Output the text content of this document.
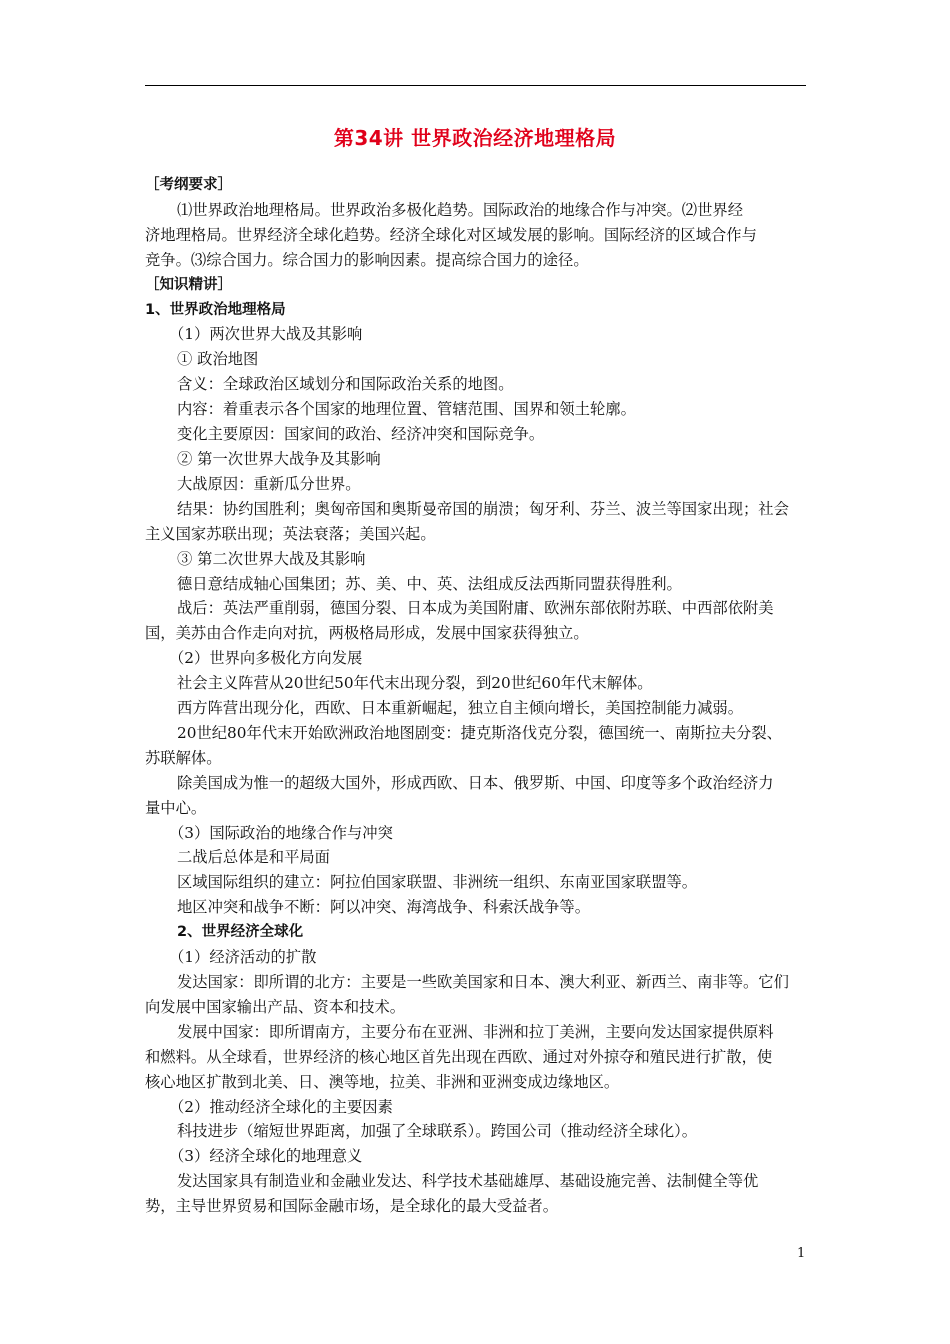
第34讲 世界政治经济地理格局

［考纲要求］

⑴世界政治地理格局。世界政治多极化趋势。国际政治的地缘合作与冲突。⑵世界经

济地理格局。世界经济全球化趋势。经济全球化对区域发展的影响。国际经济的区域合作与

竞争。⑶综合国力。综合国力的影响因素。提高综合国力的途径。

［知识精讲］

1、世界政治地理格局

（1）两次世界大战及其影响

① 政治地图

含义：全球政治区域划分和国际政治关系的地图。

内容：着重表示各个国家的地理位置、管辖范围、国界和领土轮廓。

变化主要原因：国家间的政治、经济冲突和国际竞争。

② 第一次世界大战争及其影响

大战原因：重新瓜分世界。

结果：协约国胜利；奥匈帝国和奥斯曼帝国的崩溃；匈牙利、芬兰、波兰等国家出现；社会

主义国家苏联出现；英法衰落；美国兴起。

③ 第二次世界大战及其影响

德日意结成轴心国集团；苏、美、中、英、法组成反法西斯同盟获得胜利。

战后：英法严重削弱，德国分裂、日本成为美国附庸、欧洲东部依附苏联、中西部依附美

国，美苏由合作走向对抗，两极格局形成，发展中国家获得独立。

（2）世界向多极化方向发展

社会主义阵营从20世纪50年代末出现分裂，到20世纪60年代末解体。

西方阵营出现分化，西欧、日本重新崛起，独立自主倾向增长，美国控制能力减弱。

20世纪80年代末开始欧洲政治地图剧变：捷克斯洛伐克分裂，德国统一、南斯拉夫分裂、

苏联解体。

除美国成为惟一的超级大国外，形成西欧、日本、俄罗斯、中国、印度等多个政治经济力

量中心。

（3）国际政治的地缘合作与冲突

二战后总体是和平局面

区域国际组织的建立：阿拉伯国家联盟、非洲统一组织、东南亚国家联盟等。

地区冲突和战争不断：阿以冲突、海湾战争、科索沃战争等。

2、世界经济全球化

（1）经济活动的扩散

发达国家：即所谓的北方：主要是一些欧美国家和日本、澳大利亚、新西兰、南非等。它们

向发展中国家输出产品、资本和技术。

发展中国家：即所谓南方，主要分布在亚洲、非洲和拉丁美洲，主要向发达国家提供原料

和燃料。从全球看，世界经济的核心地区首先出现在西欧、通过对外掠夺和殖民进行扩散，使

核心地区扩散到北美、日、澳等地，拉美、非洲和亚洲变成边缘地区。

（2）推动经济全球化的主要因素

科技进步（缩短世界距离，加强了全球联系）。跨国公司（推动经济全球化）。

（3）经济全球化的地理意义

发达国家具有制造业和金融业发达、科学技术基础雄厚、基础设施完善、法制健全等优

势，主导世界贸易和国际金融市场，是全球化的最大受益者。

1
